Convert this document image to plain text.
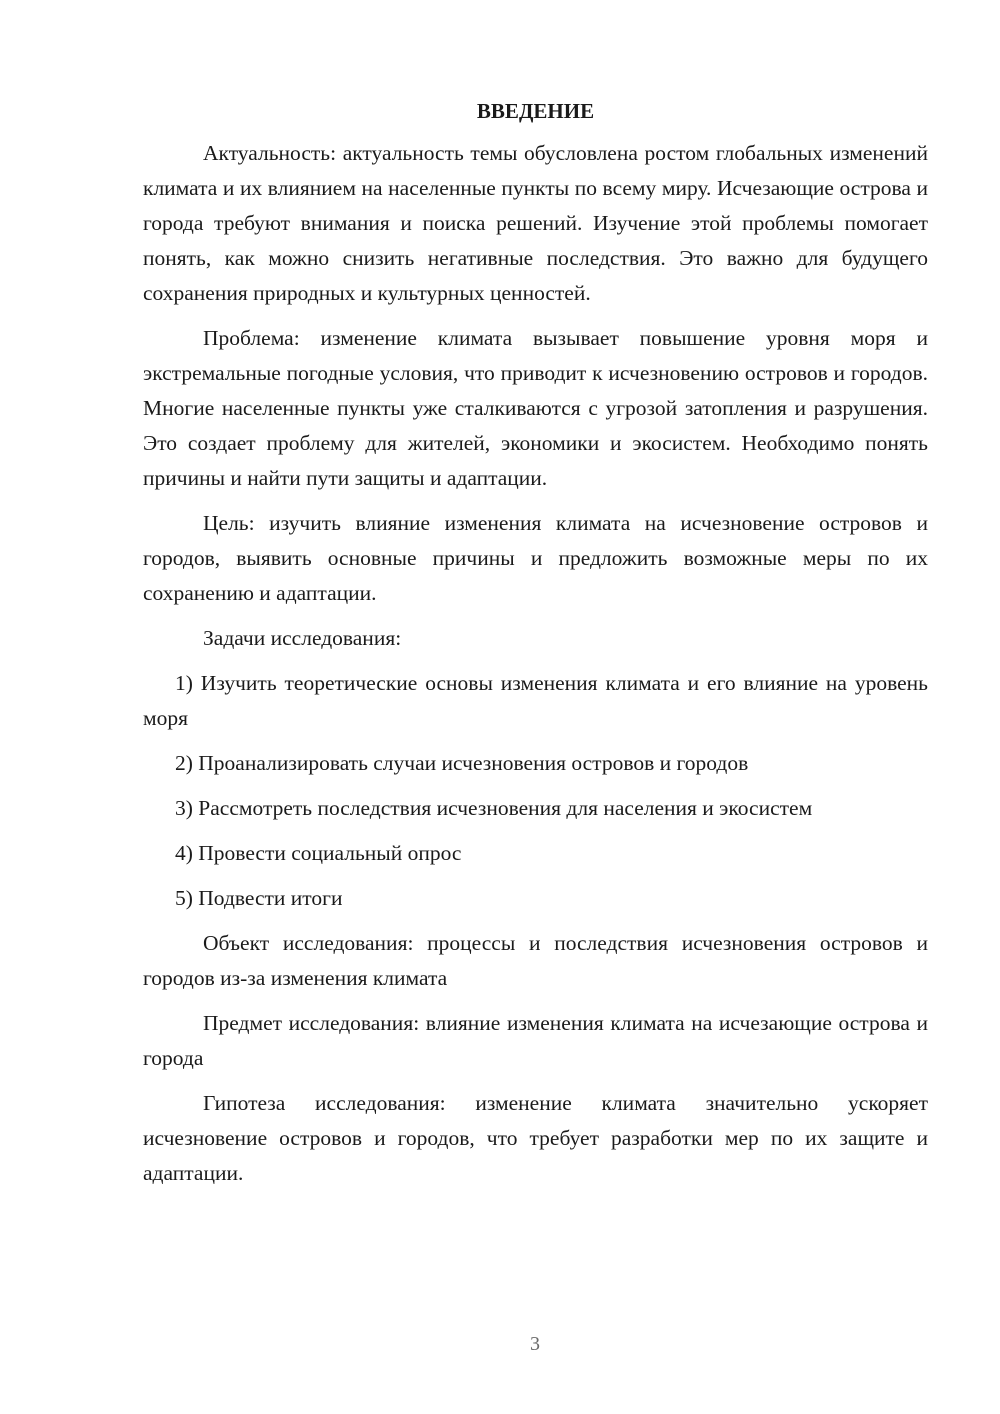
ВВЕДЕНИЕ

Актуальность: актуальность темы обусловлена ростом глобальных изменений климата и их влиянием на населенные пункты по всему миру. Исчезающие острова и города требуют внимания и поиска решений. Изучение этой проблемы помогает понять, как можно снизить негативные последствия. Это важно для будущего сохранения природных и культурных ценностей.

Проблема: изменение климата вызывает повышение уровня моря и экстремальные погодные условия, что приводит к исчезновению островов и городов. Многие населенные пункты уже сталкиваются с угрозой затопления и разрушения. Это создает проблему для жителей, экономики и экосистем. Необходимо понять причины и найти пути защиты и адаптации.

Цель: изучить влияние изменения климата на исчезновение островов и городов, выявить основные причины и предложить возможные меры по их сохранению и адаптации.

Задачи исследования:

1) Изучить теоретические основы изменения климата и его влияние на уровень моря

2) Проанализировать случаи исчезновения островов и городов

3) Рассмотреть последствия исчезновения для населения и экосистем

4) Провести социальный опрос

5) Подвести итоги

Объект исследования: процессы и последствия исчезновения островов и городов из-за изменения климата

Предмет исследования: влияние изменения климата на исчезающие острова и города

Гипотеза исследования: изменение климата значительно ускоряет исчезновение островов и городов, что требует разработки мер по их защите и адаптации.

3
